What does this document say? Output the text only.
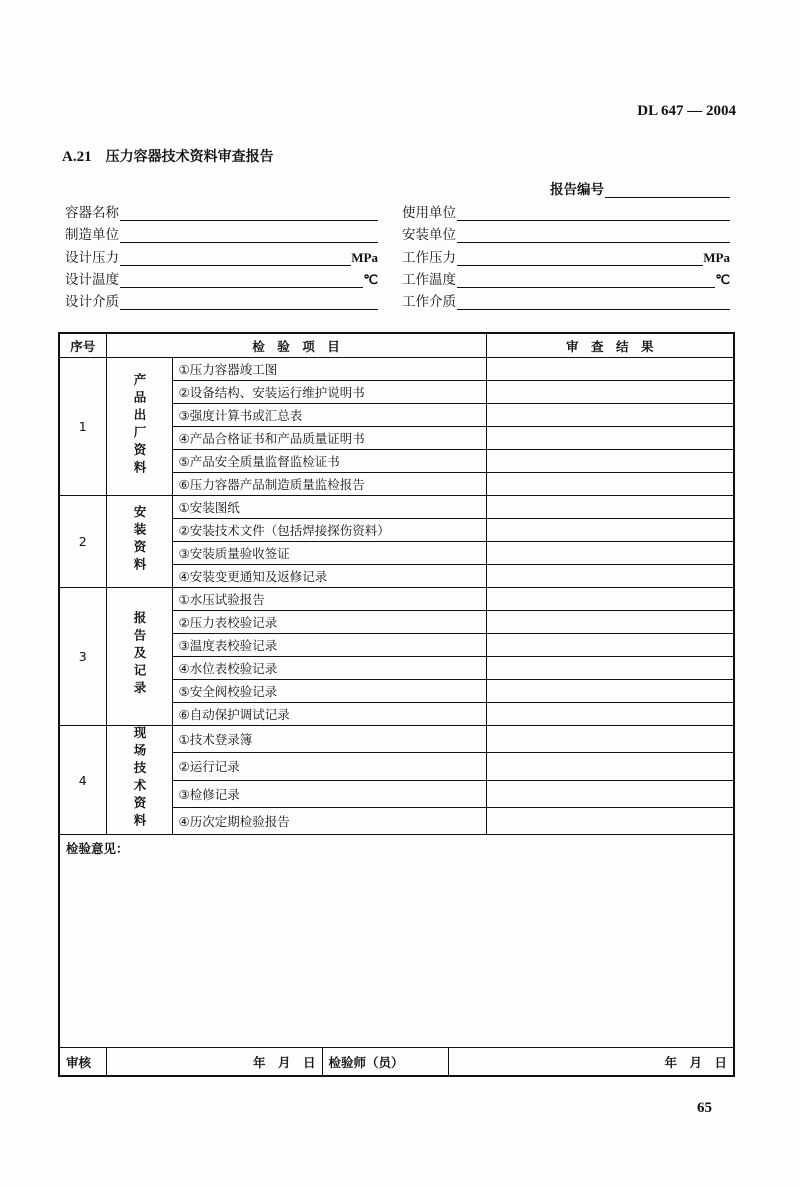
DL 647 — 2004
A.21 压力容器技术资料审查报告
报告编号
容器名称
制造单位
设计压力	MPa
设计温度	℃
设计介质
使用单位
安装单位
工作压力	MPa
工作温度	℃
工作介质
序号	检　验　项　目	审　查　结　果
1	产品出厂资料	①压力容器竣工图	
②设备结构、安装运行维护说明书	
③强度计算书或汇总表	
④产品合格证书和产品质量证明书	
⑤产品安全质量监督监检证书	
⑥压力容器产品制造质量监检报告	
2	安装资料	①安装图纸	
②安装技术文件（包括焊接探伤资料）	
③安装质量验收签证	
④安装变更通知及返修记录	
3	报告及记录	①水压试验报告	
②压力表校验记录	
③温度表校验记录	
④水位表校验记录	
⑤安全阀校验记录	
⑥自动保护调试记录	
4	现场技术资料	①技术登录簿	
②运行记录	
③检修记录	
④历次定期检验报告	
检验意见：

审核	年　月　日	检验师（员）	年　月　日
65
